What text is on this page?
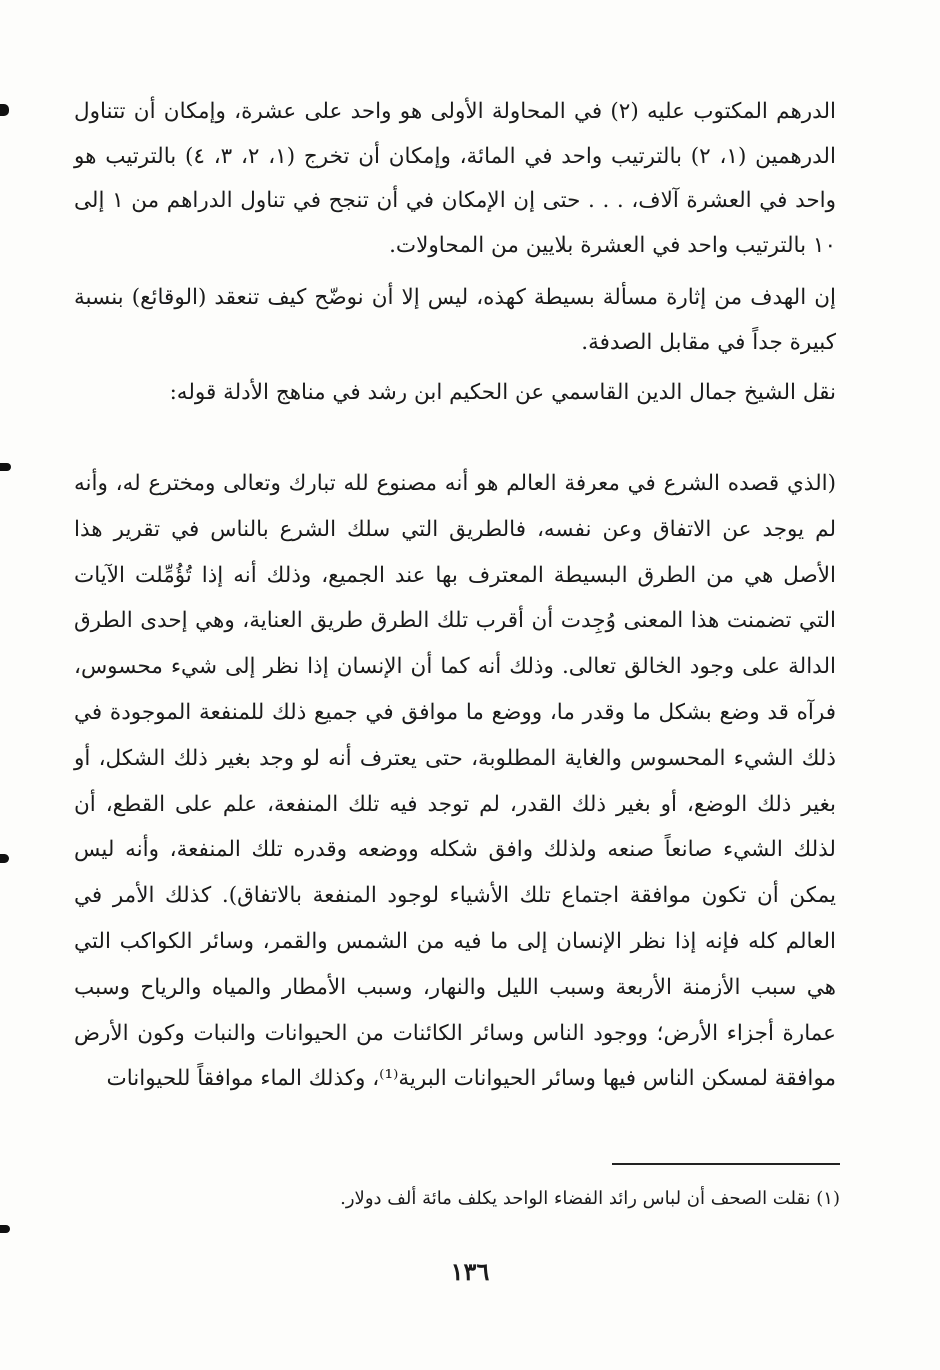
الدرهم المكتوب عليه (٢) في المحاولة الأولى هو واحد على عشرة، وإمكان أن تتناول الدرهمين (١، ٢) بالترتيب واحد في المائة، وإمكان أن تخرج (١، ٢، ٣، ٤) بالترتيب هو واحد في العشرة آلاف، . . . حتى إن الإمكان في أن تنجح في تناول الدراهم من ١ إلى ١٠ بالترتيب واحد في العشرة بلايين من المحاولات.

إن الهدف من إثارة مسألة بسيطة كهذه، ليس إلا أن نوضّح كيف تنعقد (الوقائع) بنسبة كبيرة جداً في مقابل الصدفة.

نقل الشيخ جمال الدين القاسمي عن الحكيم ابن رشد في مناهج الأدلة قوله:

(الذي قصده الشرع في معرفة العالم هو أنه مصنوع لله تبارك وتعالى ومخترع له، وأنه لم يوجد عن الاتفاق وعن نفسه، فالطريق التي سلك الشرع بالناس في تقرير هذا الأصل هي من الطرق البسيطة المعترف بها عند الجميع، وذلك أنه إذا تُؤُمِّلت الآيات التي تضمنت هذا المعنى وُجِدت أن أقرب تلك الطرق طريق العناية، وهي إحدى الطرق الدالة على وجود الخالق تعالى. وذلك أنه كما أن الإنسان إذا نظر إلى شيء محسوس، فرآه قد وضع بشكل ما وقدر ما، ووضع ما موافق في جميع ذلك للمنفعة الموجودة في ذلك الشيء المحسوس والغاية المطلوبة، حتى يعترف أنه لو وجد بغير ذلك الشكل، أو بغير ذلك الوضع، أو بغير ذلك القدر، لم توجد فيه تلك المنفعة، علم على القطع، أن لذلك الشيء صانعاً صنعه ولذلك وافق شكله ووضعه وقدره تلك المنفعة، وأنه ليس يمكن أن تكون موافقة اجتماع تلك الأشياء لوجود المنفعة بالاتفاق). كذلك الأمر في العالم كله فإنه إذا نظر الإنسان إلى ما فيه من الشمس والقمر، وسائر الكواكب التي هي سبب الأزمنة الأربعة وسبب الليل والنهار، وسبب الأمطار والمياه والرياح وسبب عمارة أجزاء الأرض؛ ووجود الناس وسائر الكائنات من الحيوانات والنبات وكون الأرض موافقة لمسكن الناس فيها وسائر الحيوانات البرية⁽¹⁾، وكذلك الماء موافقاً للحيوانات

(١) نقلت الصحف أن لباس رائد الفضاء الواحد يكلف مائة ألف دولار.

١٣٦
